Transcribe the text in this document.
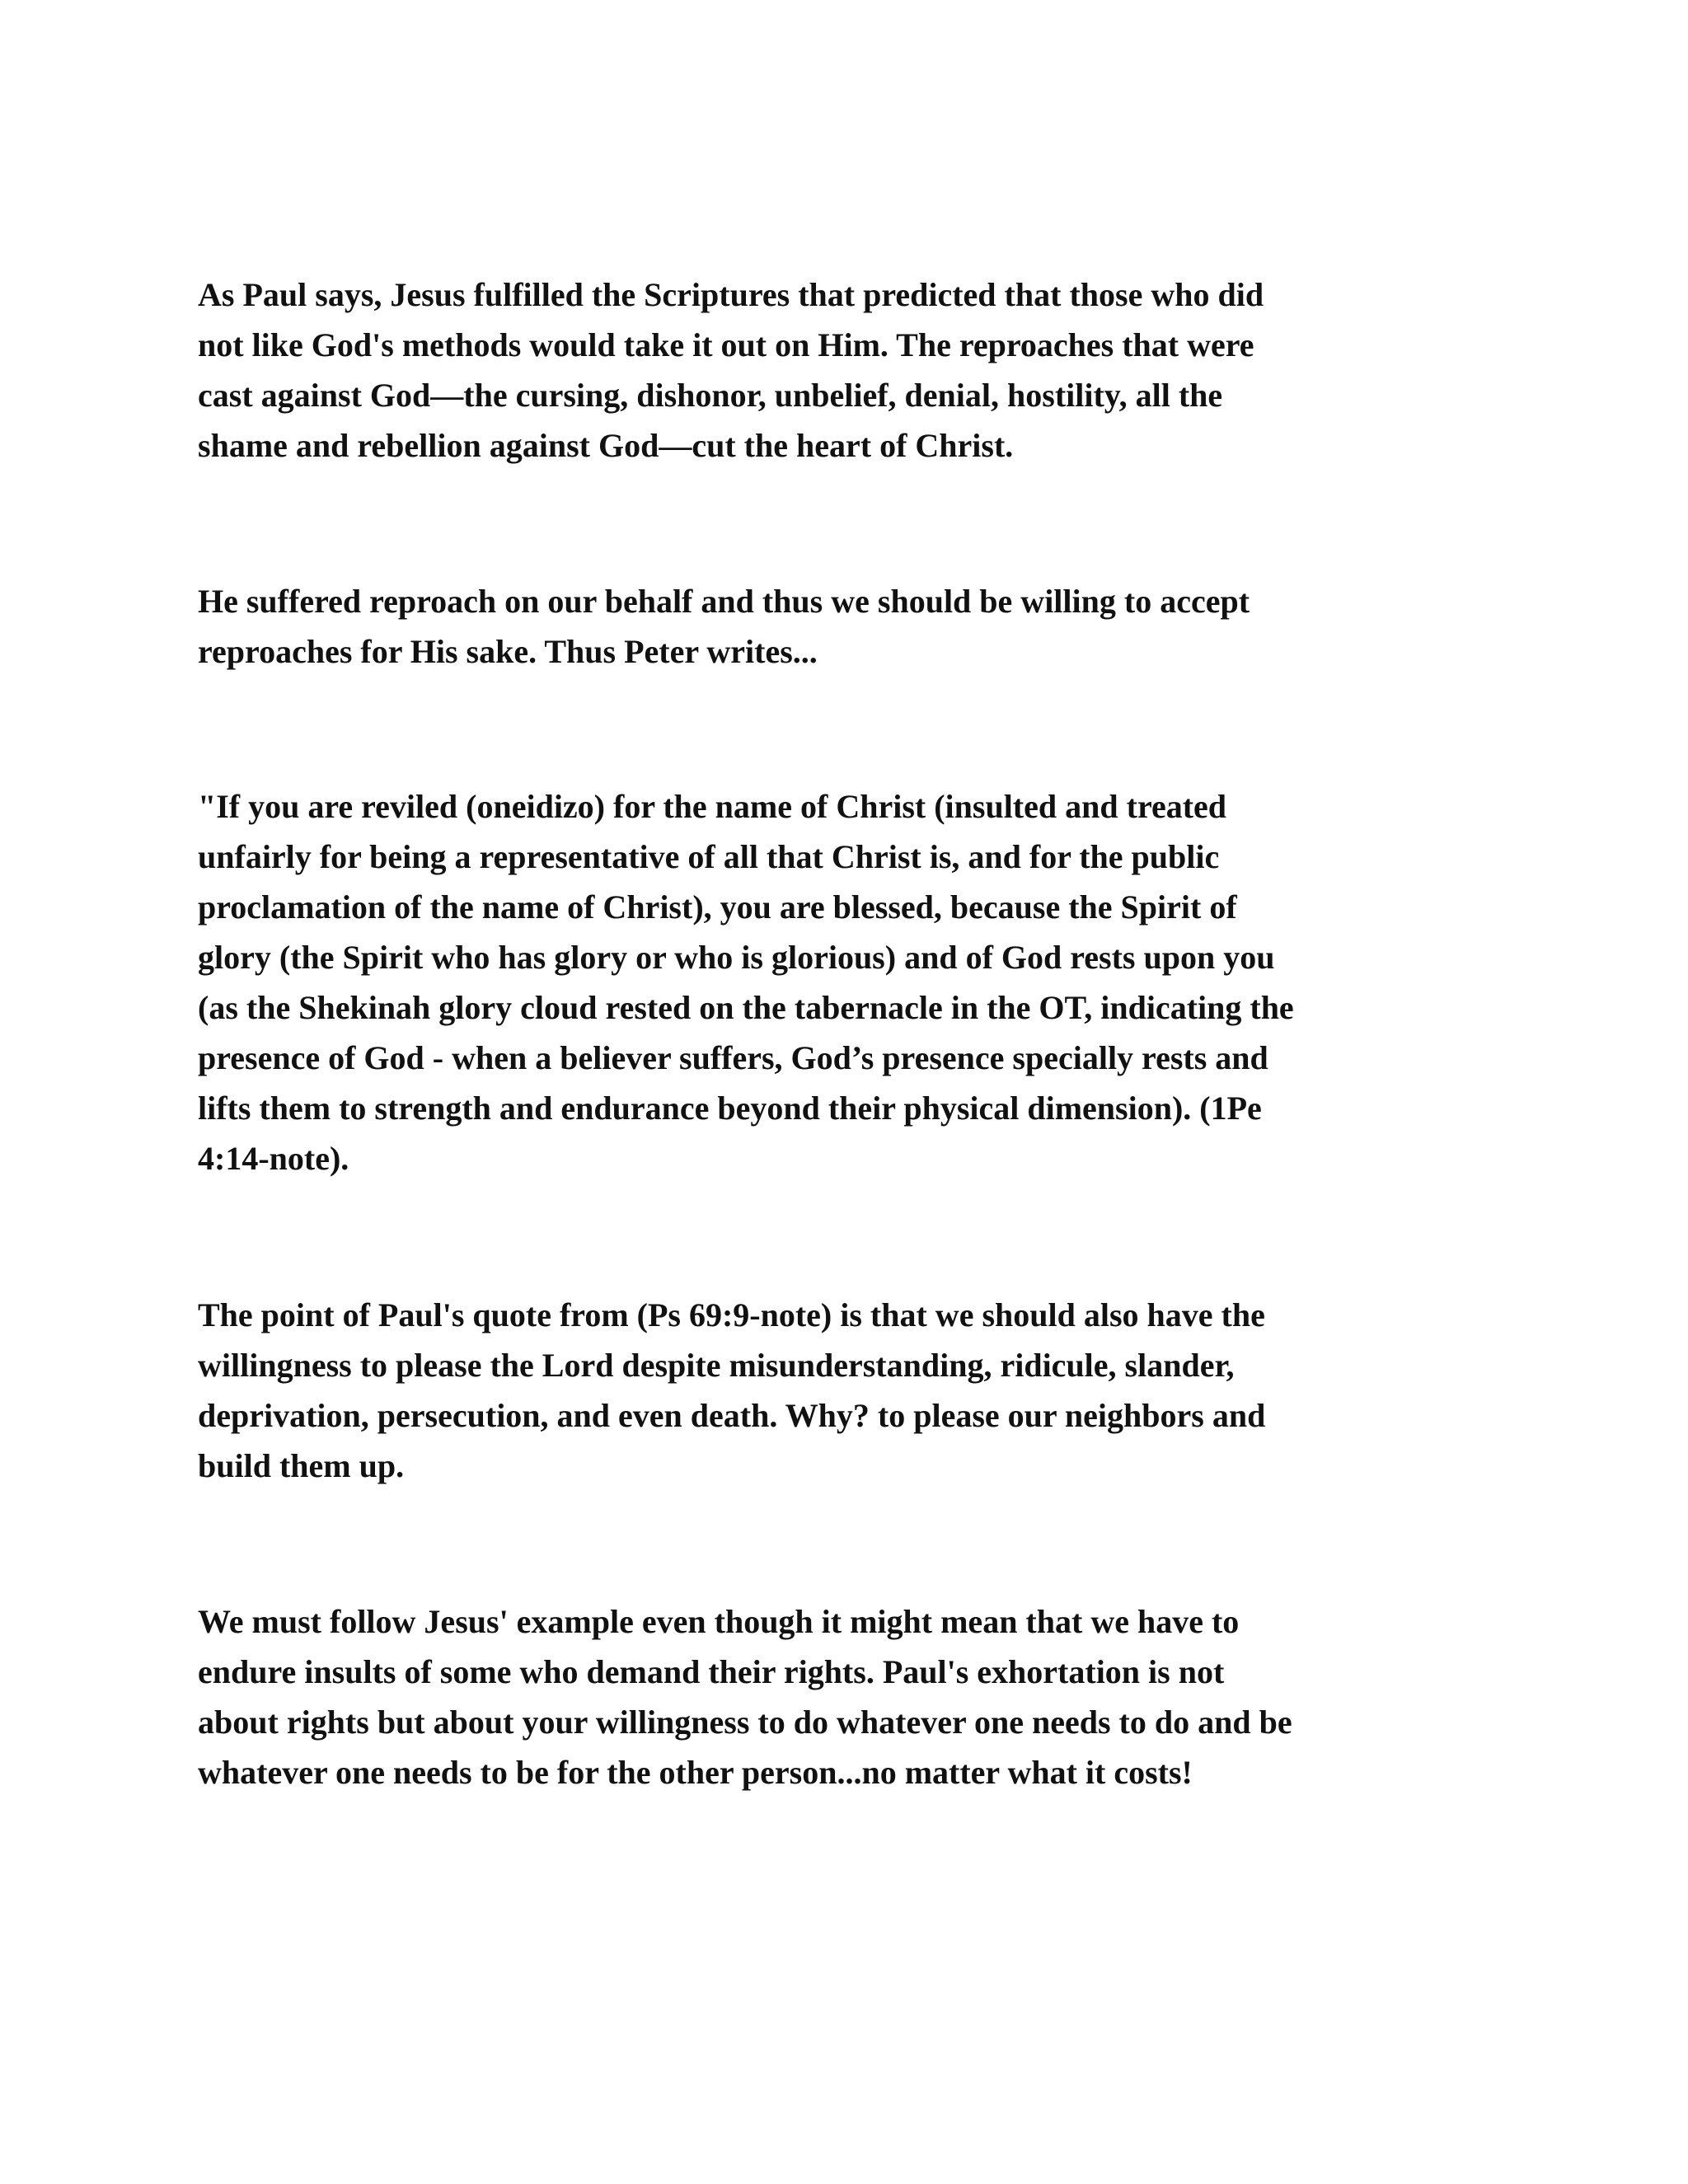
As Paul says, Jesus fulfilled the Scriptures that predicted that those who did
not like God's methods would take it out on Him. The reproaches that were
cast against God—the cursing, dishonor, unbelief, denial, hostility, all the
shame and rebellion against God—cut the heart of Christ.

He suffered reproach on our behalf and thus we should be willing to accept
reproaches for His sake. Thus Peter writes...

"If you are reviled (oneidizo) for the name of Christ (insulted and treated
unfairly for being a representative of all that Christ is, and for the public
proclamation of the name of Christ), you are blessed, because the Spirit of
glory (the Spirit who has glory or who is glorious) and of God rests upon you
(as the Shekinah glory cloud rested on the tabernacle in the OT, indicating the
presence of God - when a believer suffers, God’s presence specially rests and
lifts them to strength and endurance beyond their physical dimension). (1Pe
4:14-note).

The point of Paul's quote from (Ps 69:9-note) is that we should also have the
willingness to please the Lord despite misunderstanding, ridicule, slander,
deprivation, persecution, and even death. Why? to please our neighbors and
build them up.

We must follow Jesus' example even though it might mean that we have to
endure insults of some who demand their rights. Paul's exhortation is not
about rights but about your willingness to do whatever one needs to do and be
whatever one needs to be for the other person...no matter what it costs!
